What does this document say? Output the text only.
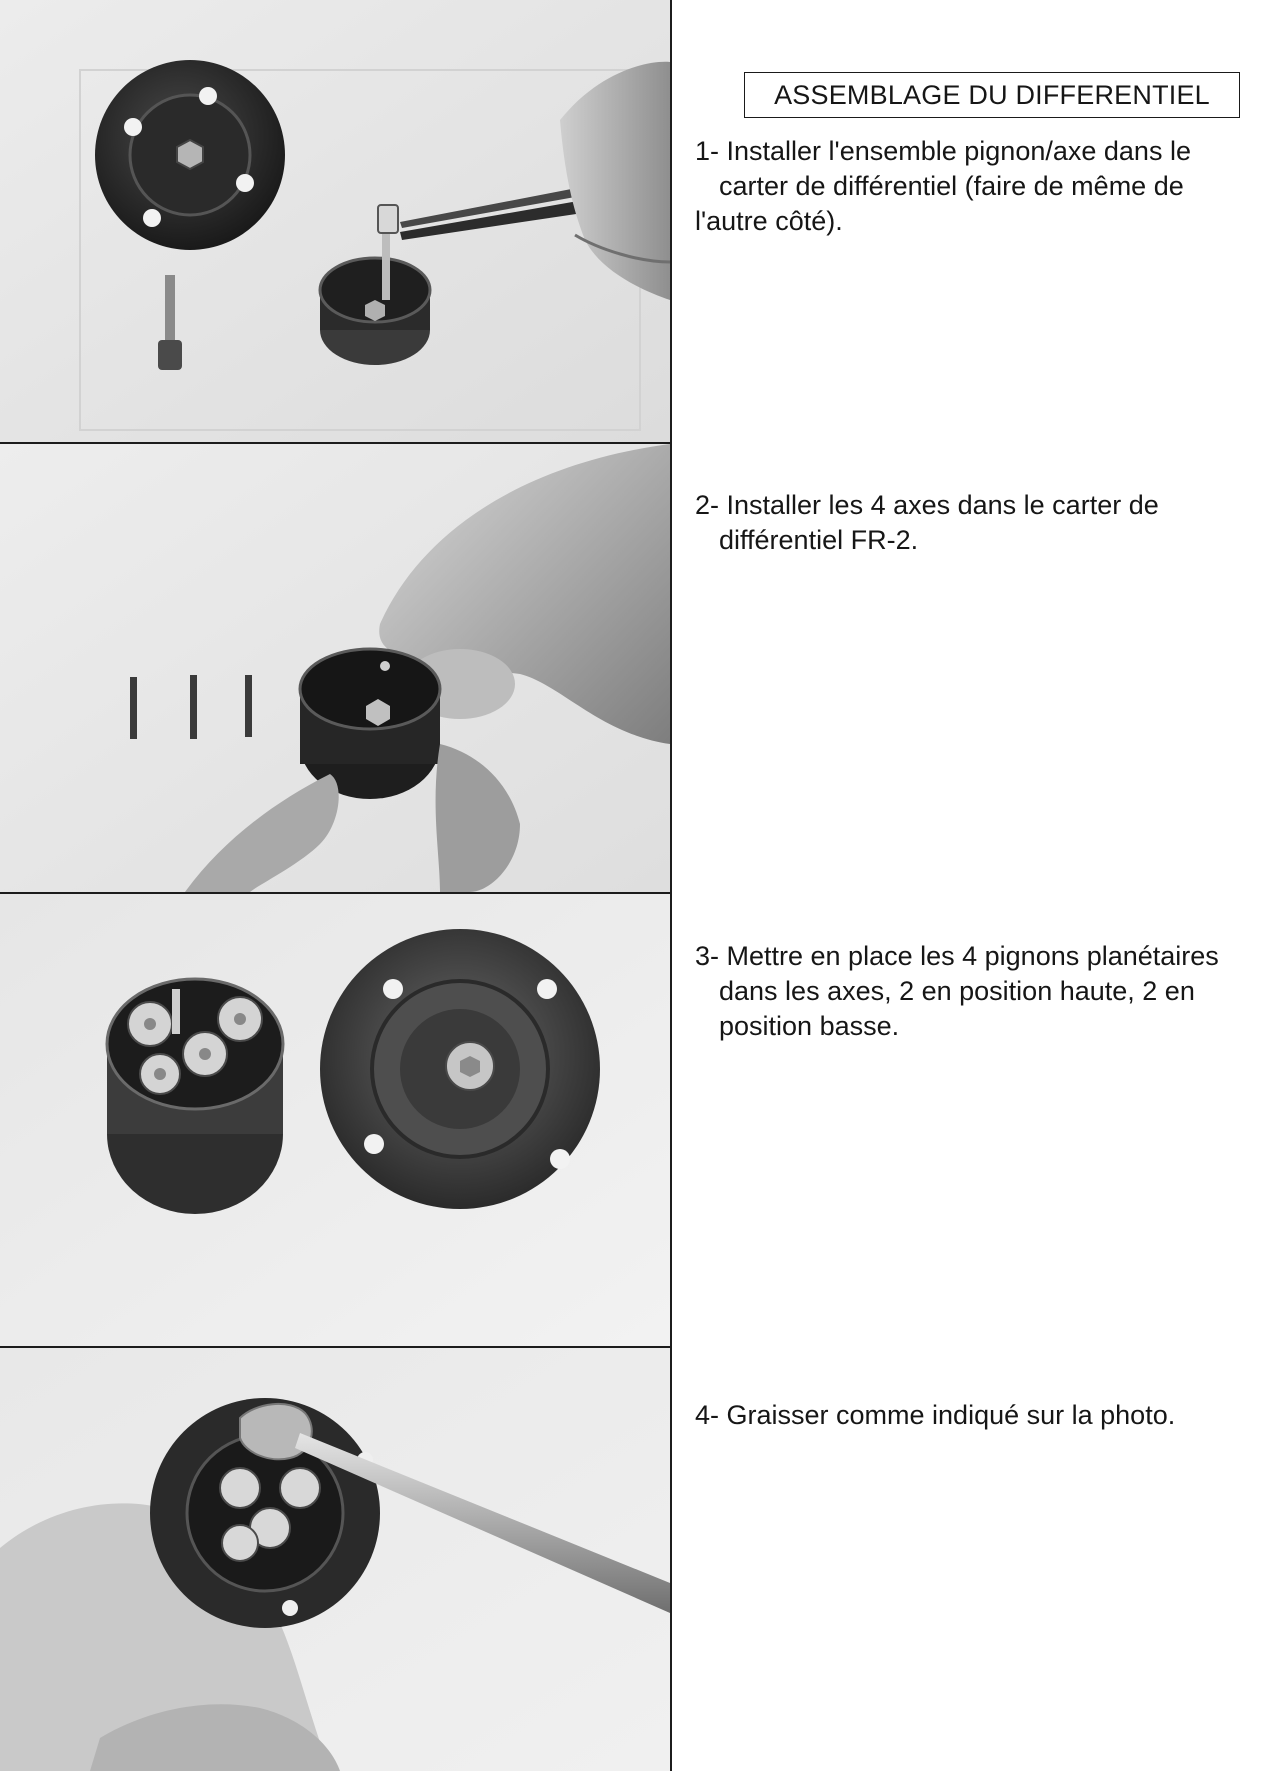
ASSEMBLAGE DU DIFFERENTIEL
1- Installer l'ensemble pignon/axe dans le
carter de différentiel (faire de même de
l'autre côté).
2- Installer les 4 axes dans le carter de
différentiel FR-2.
3- Mettre en place les 4 pignons planétaires
dans les axes, 2 en position haute, 2 en
position basse.
4- Graisser comme indiqué sur la photo.
